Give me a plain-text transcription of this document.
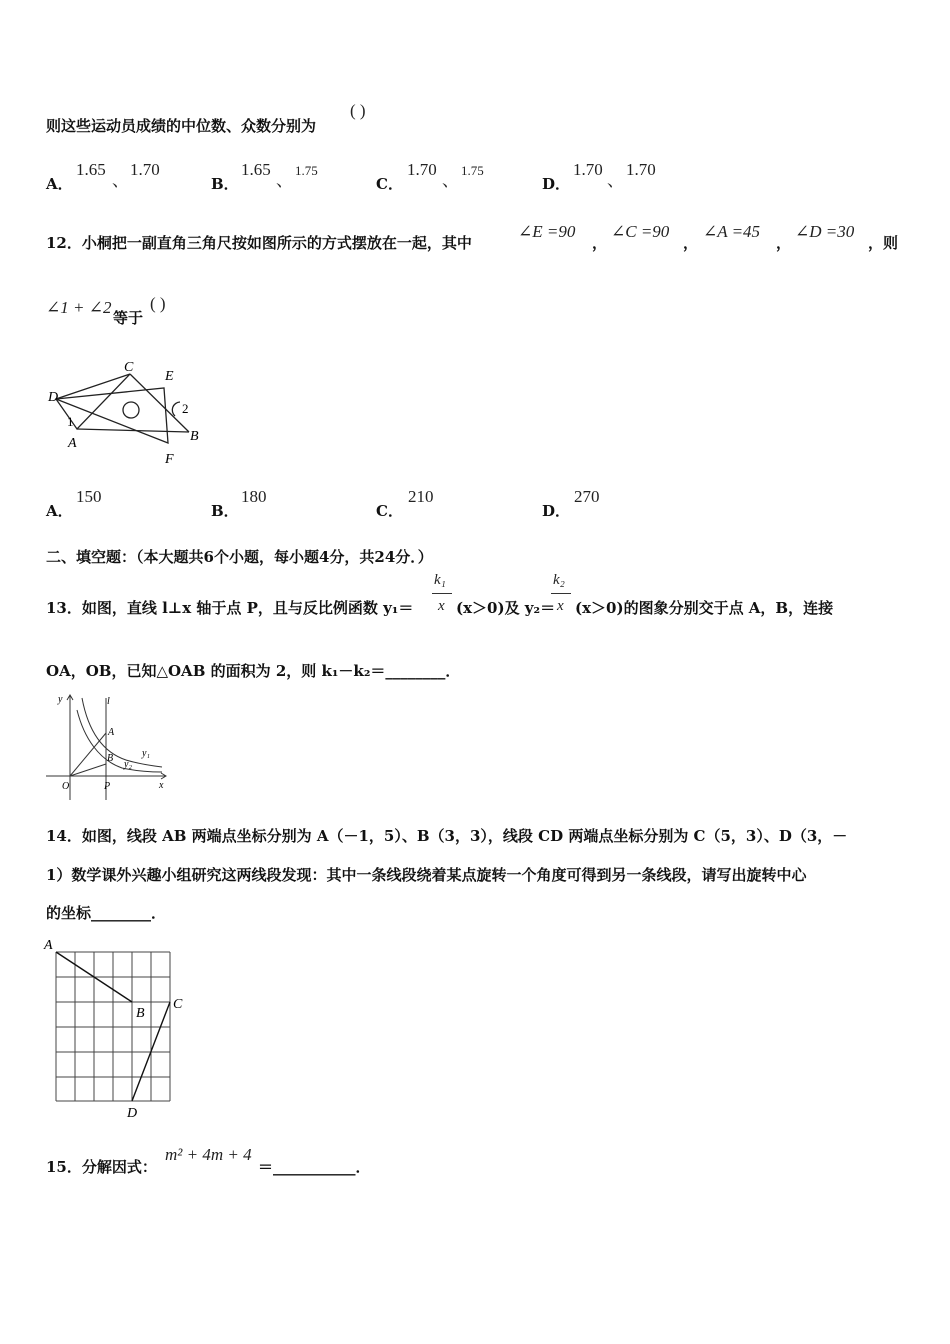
则这些运动员成绩的中位数、众数分别为
( )
A．
1.65
、
1.70
B．
1.65
、
1.75
C．
1.70
、
1.75
D．
1.70
、
1.70
12．小桐把一副直角三角尺按如图所示的方式摆放在一起，其中
∠E =90
，
∠C =90
，
∠A =45
，
∠D =30
，则
∠1 + ∠2
等于
( )
C
E
D
1
2
A	B
F
A．
150
B．
180
C．
210
D．
270
二、填空题：（本大题共6个小题，每小题4分，共24分．）
13．如图，直线 l⊥x 轴于点 P，且与反比例函数 y₁＝
k₁
x (x＞0)及 y₂＝
k₂
x (x＞0)的图象分别交于点 A，B，连接
OA，OB，已知△OAB 的面积为 2，则 k₁－k₂＝________．
y	l
A
B	y₁
y₂
O	P	x
14．如图，线段 AB 两端点坐标分别为 A（－1，5）、B（3，3），线段 CD 两端点坐标分别为 C（5，3）、D（3，－
1）数学课外兴趣小组研究这两线段发现：其中一条线段绕着某点旋转一个角度可得到另一条线段，请写出旋转中心
的坐标________．
A
B
C
D
15．分解因式：
m² + 4m + 4
＝___________．
